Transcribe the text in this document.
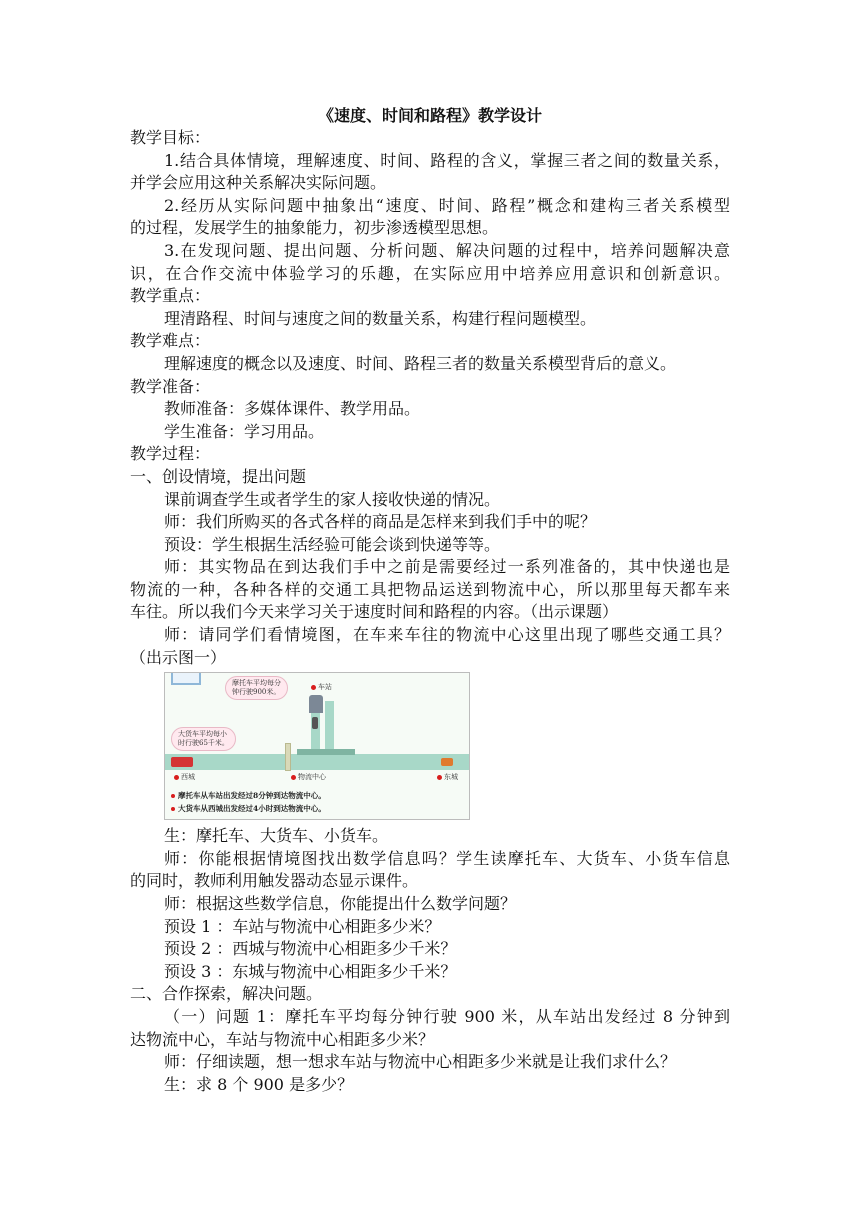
《速度、时间和路程》教学设计
教学目标：
1.结合具体情境，理解速度、时间、路程的含义，掌握三者之间的数量关系，
并学会应用这种关系解决实际问题。
2.经历从实际问题中抽象出“速度、时间、路程”概念和建构三者关系模型
的过程，发展学生的抽象能力，初步渗透模型思想。
3.在发现问题、提出问题、分析问题、解决问题的过程中，培养问题解决意
识，在合作交流中体验学习的乐趣，在实际应用中培养应用意识和创新意识。
教学重点：
理清路程、时间与速度之间的数量关系，构建行程问题模型。
教学难点：
理解速度的概念以及速度、时间、路程三者的数量关系模型背后的意义。
教学准备：
教师准备：多媒体课件、教学用品。
学生准备：学习用品。
教学过程：
一、创设情境，提出问题
课前调查学生或者学生的家人接收快递的情况。
师：我们所购买的各式各样的商品是怎样来到我们手中的呢？
预设：学生根据生活经验可能会谈到快递等等。
师：其实物品在到达我们手中之前是需要经过一系列准备的，其中快递也是
物流的一种，各种各样的交通工具把物品运送到物流中心，所以那里每天都车来
车往。所以我们今天来学习关于速度时间和路程的内容。（出示课题）
师：请同学们看情境图，在车来车往的物流中心这里出现了哪些交通工具？
（出示图一）
摩托车平均每分
钟行驶900米。
大货车平均每小
时行驶65千米。
车站
西城	物流中心	东城
摩托车从车站出发经过8分钟到达物流中心。
大货车从西城出发经过4小时到达物流中心。
生：摩托车、大货车、小货车。
师：你能根据情境图找出数学信息吗？学生读摩托车、大货车、小货车信息
的同时，教师利用触发器动态显示课件。
师：根据这些数学信息，你能提出什么数学问题？
预设 1 ：车站与物流中心相距多少米？
预设 2 ：西城与物流中心相距多少千米？
预设 3 ：东城与物流中心相距多少千米？
二、合作探索，解决问题。
（一）问题 1：摩托车平均每分钟行驶 900 米，从车站出发经过 8 分钟到
达物流中心，车站与物流中心相距多少米？
师：仔细读题，想一想求车站与物流中心相距多少米就是让我们求什么？
生：求 8 个 900 是多少？
